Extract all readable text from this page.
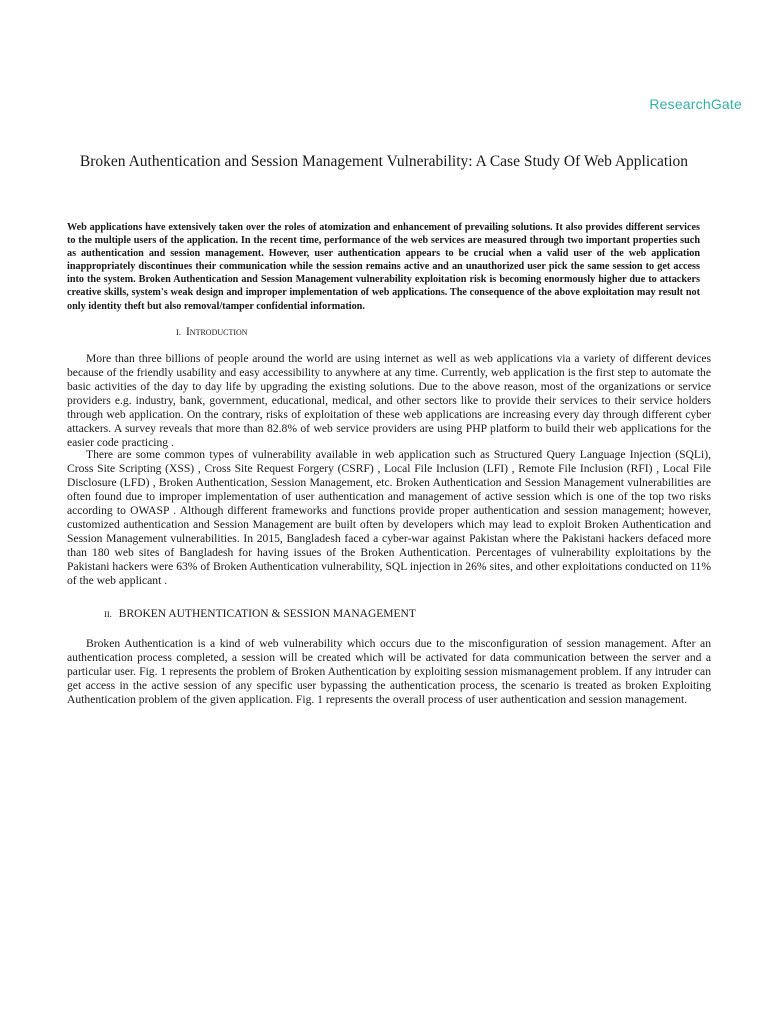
ResearchGate
Broken Authentication and Session Management Vulnerability: A Case Study Of Web Application
Web applications have extensively taken over the roles of atomization and enhancement of prevailing solutions. It also provides different services to the multiple users of the application. In the recent time, performance of the web services are measured through two important properties such as authentication and session management. However, user authentication appears to be crucial when a valid user of the web application inappropriately discontinues their communication while the session remains active and an unauthorized user pick the same session to get access into the system. Broken Authentication and Session Management vulnerability exploitation risk is becoming enormously higher due to attackers creative skills, system's weak design and improper implementation of web applications. The consequence of the above exploitation may result not only identity theft but also removal/tamper confidential information.
I. Introduction

More than three billions of people around the world are using internet as well as web applications via a variety of different devices because of the friendly usability and easy accessibility to anywhere at any time. Currently, web application is the first step to automate the basic activities of the day to day life by upgrading the existing solutions. Due to the above reason, most of the organizations or service providers e.g. industry, bank, government, educational, medical, and other sectors like to provide their services to their service holders through web application. On the contrary, risks of exploitation of these web applications are increasing every day through different cyber attackers. A survey reveals that more than 82.8% of web service providers are using PHP platform to build their web applications for the easier code practicing .

There are some common types of vulnerability available in web application such as Structured Query Language Injection (SQLi), Cross Site Scripting (XSS) , Cross Site Request Forgery (CSRF) , Local File Inclusion (LFI) , Remote File Inclusion (RFI) , Local File Disclosure (LFD) , Broken Authentication, Session Management, etc. Broken Authentication and Session Management vulnerabilities are often found due to improper implementation of user authentication and management of active session which is one of the top two risks according to OWASP . Although different frameworks and functions provide proper authentication and session management; however, customized authentication and Session Management are built often by developers which may lead to exploit Broken Authentication and Session Management vulnerabilities. In 2015, Bangladesh faced a cyber-war against Pakistan where the Pakistani hackers defaced more than 180 web sites of Bangladesh for having issues of the Broken Authentication. Percentages of vulnerability exploitations by the Pakistani hackers were 63% of Broken Authentication vulnerability, SQL injection in 26% sites, and other exploitations conducted on 11% of the web applicant .

II. BROKEN AUTHENTICATION & SESSION MANAGEMENT

Broken Authentication is a kind of web vulnerability which occurs due to the misconfiguration of session management. After an authentication process completed, a session will be created which will be activated for data communication between the server and a particular user. Fig. 1 represents the problem of Broken Authentication by exploiting session mismanagement problem. If any intruder can get access in the active session of any specific user bypassing the authentication process, the scenario is treated as broken Exploiting Authentication problem of the given application. Fig. 1 represents the overall process of user authentication and session management.
